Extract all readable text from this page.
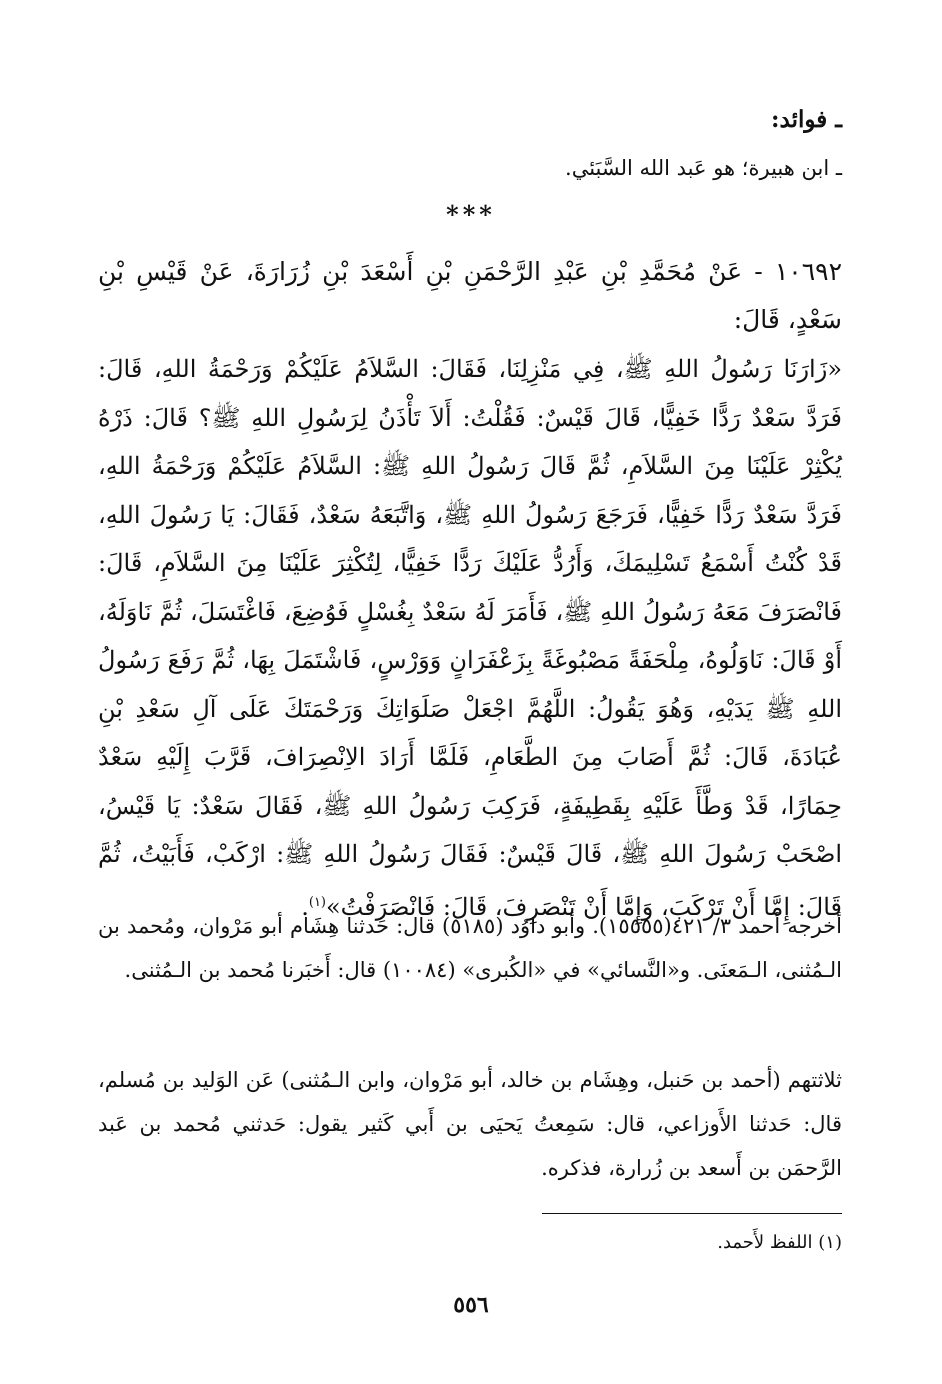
ـ فوائد:

ـ ابن هبيرة؛ هو عَبد الله السَّبَئي.

***

١٠٦٩٢ - عَنْ مُحَمَّدِ بْنِ عَبْدِ الرَّحْمَنِ بْنِ أَسْعَدَ بْنِ زُرَارَةَ، عَنْ قَيْسِ بْنِ سَعْدٍ، قَالَ:

«زَارَنَا رَسُولُ اللهِ ﷺ، فِي مَنْزِلِنَا، فَقَالَ: السَّلاَمُ عَلَيْكُمْ وَرَحْمَةُ اللهِ، قَالَ: فَرَدَّ سَعْدٌ رَدًّا خَفِيًّا، قَالَ قَيْسٌ: فَقُلْتُ: أَلاَ تَأْذَنُ لِرَسُولِ اللهِ ﷺ؟ قَالَ: ذَرْهُ يُكْثِرْ عَلَيْنَا مِنَ السَّلاَمِ، ثُمَّ قَالَ رَسُولُ اللهِ ﷺ: السَّلاَمُ عَلَيْكُمْ وَرَحْمَةُ اللهِ، فَرَدَّ سَعْدٌ رَدًّا خَفِيًّا، فَرَجَعَ رَسُولُ اللهِ ﷺ، وَاتَّبَعَهُ سَعْدٌ، فَقَالَ: يَا رَسُولَ اللهِ، قَدْ كُنْتُ أَسْمَعُ تَسْلِيمَكَ، وَأَرُدُّ عَلَيْكَ رَدًّا خَفِيًّا، لِتُكْثِرَ عَلَيْنَا مِنَ السَّلاَمِ، قَالَ: فَانْصَرَفَ مَعَهُ رَسُولُ اللهِ ﷺ، فَأَمَرَ لَهُ سَعْدٌ بِغُسْلٍ فَوُضِعَ، فَاغْتَسَلَ، ثُمَّ نَاوَلَهُ، أَوْ قَالَ: نَاوَلُوهُ، مِلْحَفَةً مَصْبُوغَةً بِزَعْفَرَانٍ وَوَرْسٍ، فَاشْتَمَلَ بِهَا، ثُمَّ رَفَعَ رَسُولُ اللهِ ﷺ يَدَيْهِ، وَهُوَ يَقُولُ: اللَّهُمَّ اجْعَلْ صَلَوَاتِكَ وَرَحْمَتَكَ عَلَى آلِ سَعْدِ بْنِ عُبَادَةَ، قَالَ: ثُمَّ أَصَابَ مِنَ الطَّعَامِ، فَلَمَّا أَرَادَ الاِنْصِرَافَ، قَرَّبَ إِلَيْهِ سَعْدٌ حِمَارًا، قَدْ وَطَّأَ عَلَيْهِ بِقَطِيفَةٍ، فَرَكِبَ رَسُولُ اللهِ ﷺ، فَقَالَ سَعْدٌ: يَا قَيْسُ، اصْحَبْ رَسُولَ اللهِ ﷺ، قَالَ قَيْسٌ: فَقَالَ رَسُولُ اللهِ ﷺ: ارْكَبْ، فَأَبَيْتُ، ثُمَّ قَالَ: إِمَّا أَنْ تَرْكَبَ، وَإِمَّا أَنْ تَنْصَرِفَ، قَالَ: فَانْصَرَفْتُ»$^{(١)}$.

أخرجه أحمد ٣/ ٤٢١(١٥٥٥٥). وأبو داوُد (٥١٨٥) قال: حَدثنا هِشَام أبو مَرْوان، ومُحمد بن الـمُثنى، الـمَعنَى. و«النَّسائي» في «الكُبرى» (١٠٠٨٤) قال: أَخبَرنا مُحمد بن الـمُثنى.

ثلاثتهم (أحمد بن حَنبل، وهِشَام بن خالد، أبو مَرْوان، وابن الـمُثنى) عَن الوَليد بن مُسلم، قال: حَدثنا الأَوزاعي، قال: سَمِعتُ يَحيَى بن أَبي كَثير يقول: حَدثني مُحمد بن عَبد الرَّحمَن بن أَسعد بن زُرارة، فذكره.

(١) اللفظ لأَحمد.

٥٥٦
